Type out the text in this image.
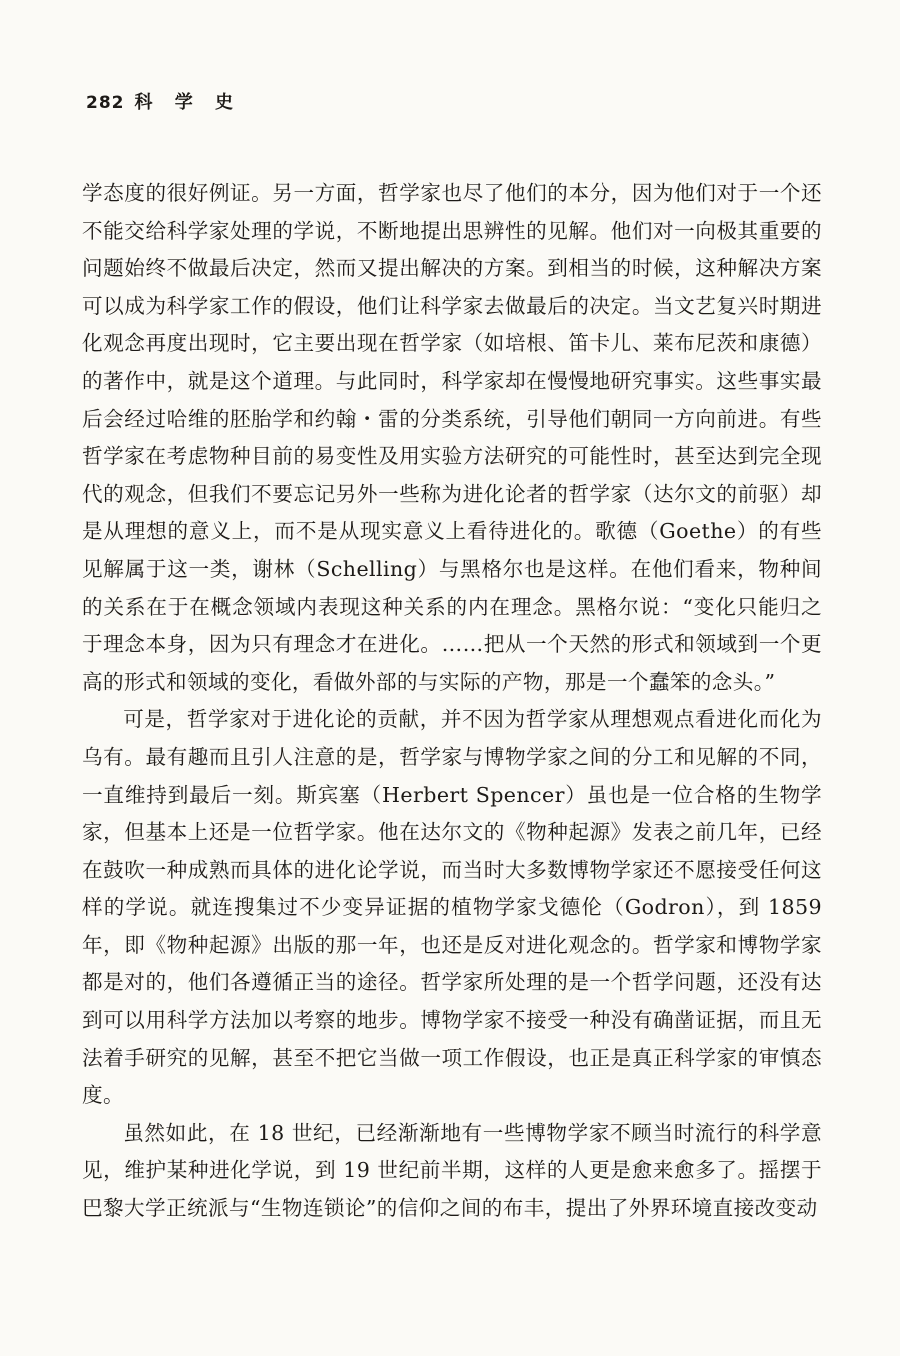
282 科 学 史

学态度的很好例证。另一方面，哲学家也尽了他们的本分，因为他们对于一个还不能交给科学家处理的学说，不断地提出思辨性的见解。他们对一向极其重要的问题始终不做最后决定，然而又提出解决的方案。到相当的时候，这种解决方案可以成为科学家工作的假设，他们让科学家去做最后的决定。当文艺复兴时期进化观念再度出现时，它主要出现在哲学家（如培根、笛卡儿、莱布尼茨和康德）的著作中，就是这个道理。与此同时，科学家却在慢慢地研究事实。这些事实最后会经过哈维的胚胎学和约翰・雷的分类系统，引导他们朝同一方向前进。有些哲学家在考虑物种目前的易变性及用实验方法研究的可能性时，甚至达到完全现代的观念，但我们不要忘记另外一些称为进化论者的哲学家（达尔文的前驱）却是从理想的意义上，而不是从现实意义上看待进化的。歌德（Goethe）的有些见解属于这一类，谢林（Schelling）与黑格尔也是这样。在他们看来，物种间的关系在于在概念领域内表现这种关系的内在理念。黑格尔说：“变化只能归之于理念本身，因为只有理念才在进化。……把从一个天然的形式和领域到一个更高的形式和领域的变化，看做外部的与实际的产物，那是一个蠢笨的念头。”

可是，哲学家对于进化论的贡献，并不因为哲学家从理想观点看进化而化为乌有。最有趣而且引人注意的是，哲学家与博物学家之间的分工和见解的不同，一直维持到最后一刻。斯宾塞（Herbert Spencer）虽也是一位合格的生物学家，但基本上还是一位哲学家。他在达尔文的《物种起源》发表之前几年，已经在鼓吹一种成熟而具体的进化论学说，而当时大多数博物学家还不愿接受任何这样的学说。就连搜集过不少变异证据的植物学家戈德伦（Godron），到 1859 年，即《物种起源》出版的那一年，也还是反对进化观念的。哲学家和博物学家都是对的，他们各遵循正当的途径。哲学家所处理的是一个哲学问题，还没有达到可以用科学方法加以考察的地步。博物学家不接受一种没有确凿证据，而且无法着手研究的见解，甚至不把它当做一项工作假设，也正是真正科学家的审慎态度。

虽然如此，在 18 世纪，已经渐渐地有一些博物学家不顾当时流行的科学意见，维护某种进化学说，到 19 世纪前半期，这样的人更是愈来愈多了。摇摆于巴黎大学正统派与“生物连锁论”的信仰之间的布丰，提出了外界环境直接改变动
